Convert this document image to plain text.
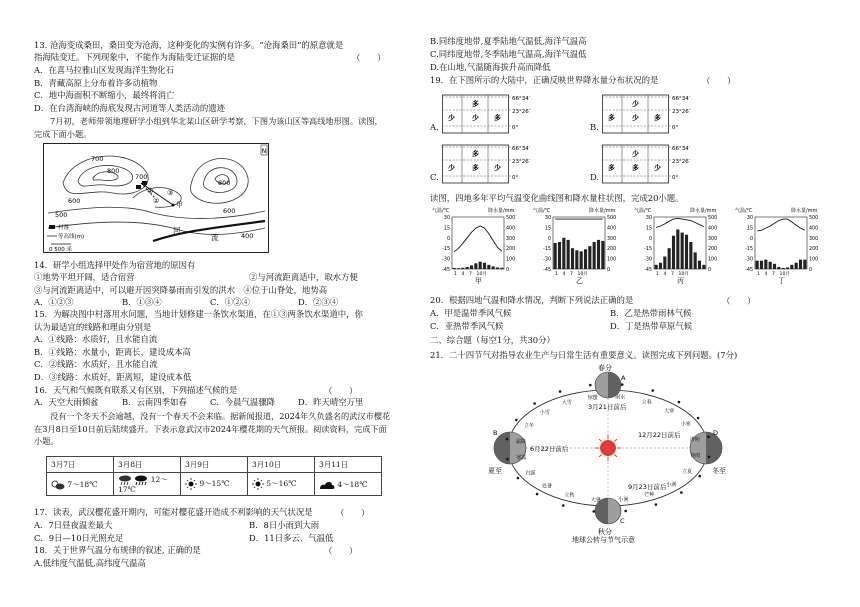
13. 沧海变成桑田，桑田变为沧海，这种变化的实例有许多。“沧海桑田”的原意就是
指海陆变迁。下列现象中，不能作为海陆变迁证据的是	（　　）
A．在喜马拉雅山区发现海洋生物化石
B．青藏高原上分布着许多动植物
C．地中海面积不断缩小，最终将消亡
D．在台湾海峡的海底发现古河道等人类活动的遗迹
7月初，老师带领地理研学小组到华北某山区研学考察，下图为该山区等高线地形图。读图，完成下面小题。
N
700
800
700
600
500
400
800
600
甲
河
流
①
②
③
村落
等高线(m)
0 500 米
14．研学小组选择甲处作为宿营地的原因有
①地势平坦开阔，适合宿营	②与河流距离适中，取水方便
③与河流距离适中，可以避开因突降暴雨而引发的洪水　④位于山脊处，地势高
A．①②③	B．①③④	C．①②④	D．②③④
15．为解决图中村落用水问题，当地计划修建一条饮水渠道，在①③两条饮水渠道中，你
认为最适宜的线路和理由分别是
A．①线路：水质好，且水能自流
B．①线路：水量小，距离长，建设成本高
C．②线路：水质好，且水能自流
D．③线路：水质好，距离短，建设成本低
16．天气和气候既有联系又有区别，下列描述气候的是	（　　）
A．天空大雨倾盆	B．云南四季如春	C．今晨气温骤降	D．昨天晴空万里
没有一个冬天不会逾越，没有一个春天不会来临。据新闻报道，2024年久负盛名的武汉市樱花在3月8日至10日前后陆续盛开。下表示意武汉市2024年樱花期的天气预报。阅读资料，完成下面小题。
3月7日	3月8日	3月9日	3月10日	3月11日
7～18℃	12～17℃	9～15℃	5～16℃	4～18℃
17．读表，武汉樱花盛开期内，可能对樱花盛开造成不利影响的天气状况是	（　　）
A．7日昼夜温差最大	B．8日小雨到大雨
C．9日—10日光照充足	D．11日多云、气温低
18．关于世界气温分布规律的叙述, 正确的是	（　　）
A.低纬度气温低,高纬度气温高
B.同纬度地带,夏季陆地气温低,海洋气温高
C.同纬度地带,冬季陆地气温高,海洋气温低
D.在山地,气温随海拔升高而降低
19．在下图所示的大陆中，正确反映世界降水量分布状况的是	（　　）
A.
66°34′
23°26′
0°
多
少 少 多
B.
66°34′
23°26′
0°
少
多 少 多
C.
66°34′
23°26′
0°
多
少 多 少
D.
66°34′
23°26′
0°
少
多 多 少
读图，四地多年平均气温变化曲线图和降水量柱状图，完成20小题。
气温/℃	降水量/mm
30	500
15	400
0	300
-15	200
-30	100
-45	0
1　4　7　10月
甲
气温/℃	降水量/mm
30	500
15	400
0	300
-15	200
-30	100
-45	0
1　4　7　10月
乙
气温/℃	降水量/mm
30	500
15	400
0	300
-15	200
-30	100
-45	0
1　4　7　10月
丙
气温/℃	降水量/mm
30	500
15	400
0	300
-15	200
-30	100
-45	0
1　4　7　10月
丁
20．根据四地气温和降水情况，判断下列说法正确的是	（　　）
A．甲是温带季风气候	B．乙是热带雨林气候
C．亚热带季风气候	D．丁是热带草原气候
二、综合题（每空1分，共30分）
21．二十四节气对指导农业生产与日常生活有重要意义。读图完成下列问题。(7分)
春分
夏至	冬至
秋分
3月21日前后
6月22日前后
12月22日前后
9月23日前后
地球公转与节气示意
惊蛰	雨水
立春
大寒
小寒
清明
谷雨
立夏
小满
芒种
小暑
大暑
立秋
处暑
白露
寒露
霜降
立冬
小雪
大雪
A
B
C
D
